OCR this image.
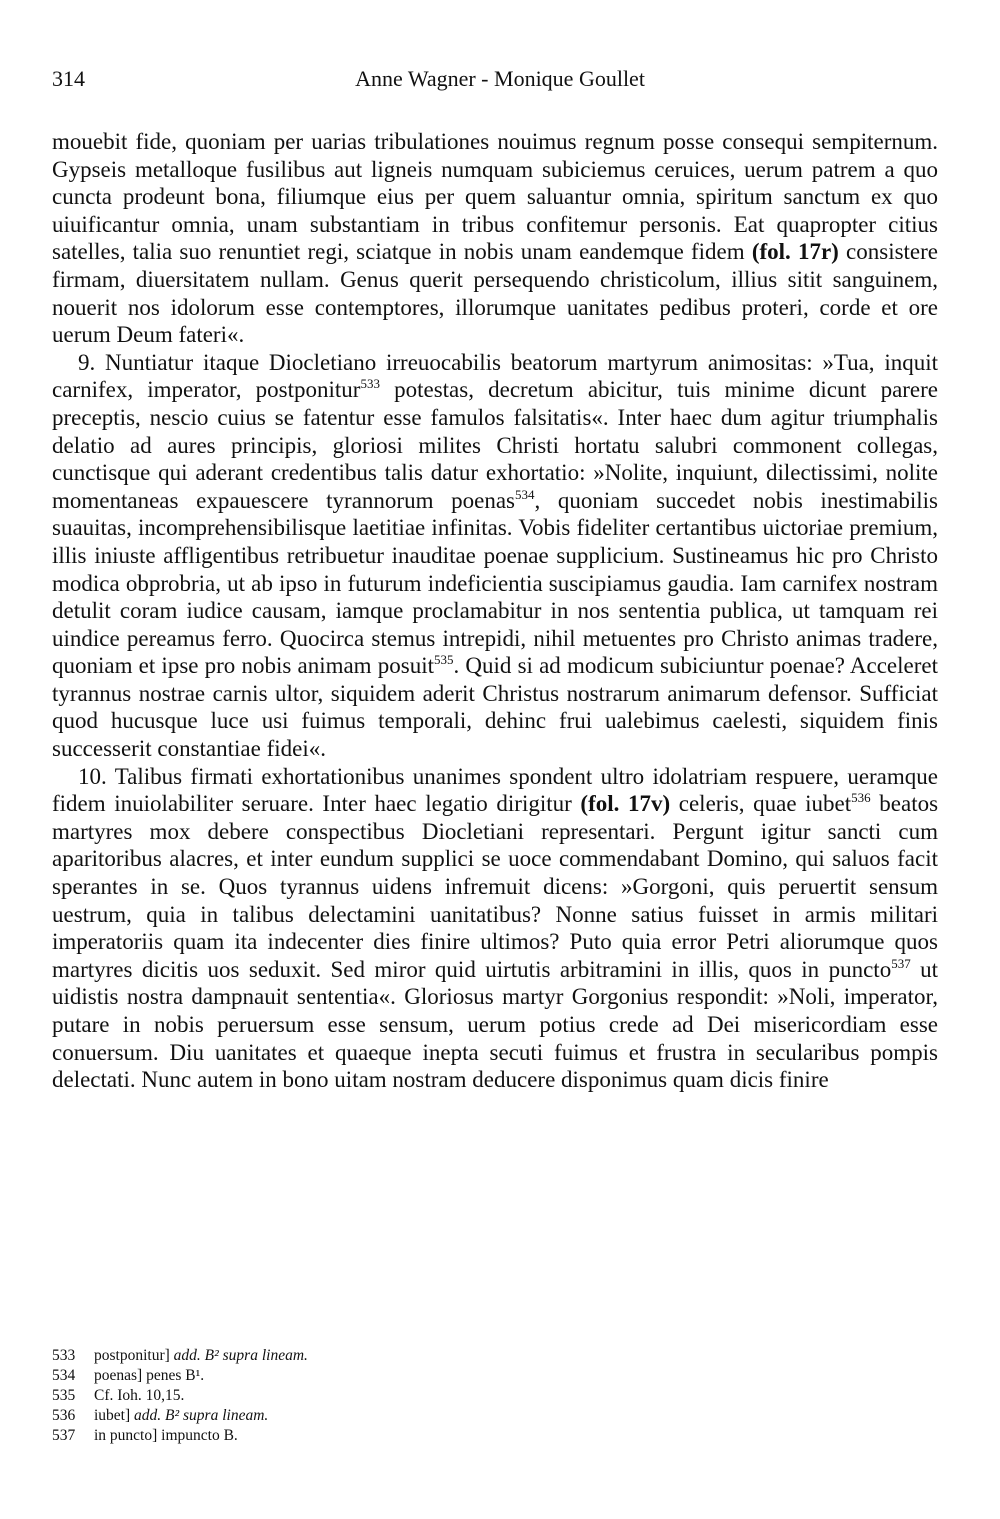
314	Anne Wagner - Monique Goullet

mouebit fide, quoniam per uarias tribulationes nouimus regnum posse consequi sempiternum. Gypseis metalloque fusilibus aut ligneis numquam subiciemus ceruices, uerum patrem a quo cuncta prodeunt bona, filiumque eius per quem saluantur omnia, spiritum sanctum ex quo uiuificantur omnia, unam substantiam in tribus confitemur personis. Eat quapropter citius satelles, talia suo renuntiet regi, sciatque in nobis unam eandemque fidem (fol. 17r) consistere firmam, diuersitatem nullam. Genus querit persequendo christicolum, illius sitit sanguinem, nouerit nos idolorum esse contemptores, illorumque uanitates pedibus proteri, corde et ore uerum Deum fateri«.

9. Nuntiatur itaque Diocletiano irreuocabilis beatorum martyrum animositas: »Tua, inquit carnifex, imperator, postponitur$^{533}$ potestas, decretum abicitur, tuis minime dicunt parere preceptis, nescio cuius se fatentur esse famulos falsitatis«. Inter haec dum agitur triumphalis delatio ad aures principis, gloriosi milites Christi hortatu salubri commonent collegas, cunctisque qui aderant credentibus talis datur exhortatio: »Nolite, inquiunt, dilectissimi, nolite momentaneas expauescere tyrannorum poenas$^{534}$, quoniam succedet nobis inestimabilis suauitas, incomprehensibilisque laetitiae infinitas. Vobis fideliter certantibus uictoriae premium, illis iniuste affligentibus retribuetur inauditae poenae supplicium. Sustineamus hic pro Christo modica obprobria, ut ab ipso in futurum indeficientia suscipiamus gaudia. Iam carnifex nostram detulit coram iudice causam, iamque proclamabitur in nos sententia publica, ut tamquam rei uindice pereamus ferro. Quocirca stemus intrepidi, nihil metuentes pro Christo animas tradere, quoniam et ipse pro nobis animam posuit$^{535}$. Quid si ad modicum subiciuntur poenae? Acceleret tyrannus nostrae carnis ultor, siquidem aderit Christus nostrarum animarum defensor. Sufficiat quod hucusque luce usi fuimus temporali, dehinc frui ualebimus caelesti, siquidem finis successerit constantiae fidei«.

10. Talibus firmati exhortationibus unanimes spondent ultro idolatriam respuere, ueramque fidem inuiolabiliter seruare. Inter haec legatio dirigitur (fol. 17v) celeris, quae iubet$^{536}$ beatos martyres mox debere conspectibus Diocletiani representari. Pergunt igitur sancti cum aparitoribus alacres, et inter eundum supplici se uoce commendabant Domino, qui saluos facit sperantes in se. Quos tyrannus uidens infremuit dicens: »Gorgoni, quis peruertit sensum uestrum, quia in talibus delectamini uanitatibus? Nonne satius fuisset in armis militari imperatoriis quam ita indecenter dies finire ultimos? Puto quia error Petri aliorumque quos martyres dicitis uos seduxit. Sed miror quid uirtutis arbitramini in illis, quos in puncto$^{537}$ ut uidistis nostra dampnauit sententia«. Gloriosus martyr Gorgonius respondit: »Noli, imperator, putare in nobis peruersum esse sensum, uerum potius crede ad Dei misericordiam esse conuersum. Diu uanitates et quaeque inepta secuti fuimus et frustra in secularibus pompis delectati. Nunc autem in bono uitam nostram deducere disponimus quam dicis finire

533 postponitur] add. B² supra lineam.
534 poenas] penes B¹.
535 Cf. Ioh. 10,15.
536 iubet] add. B² supra lineam.
537 in puncto] impuncto B.
